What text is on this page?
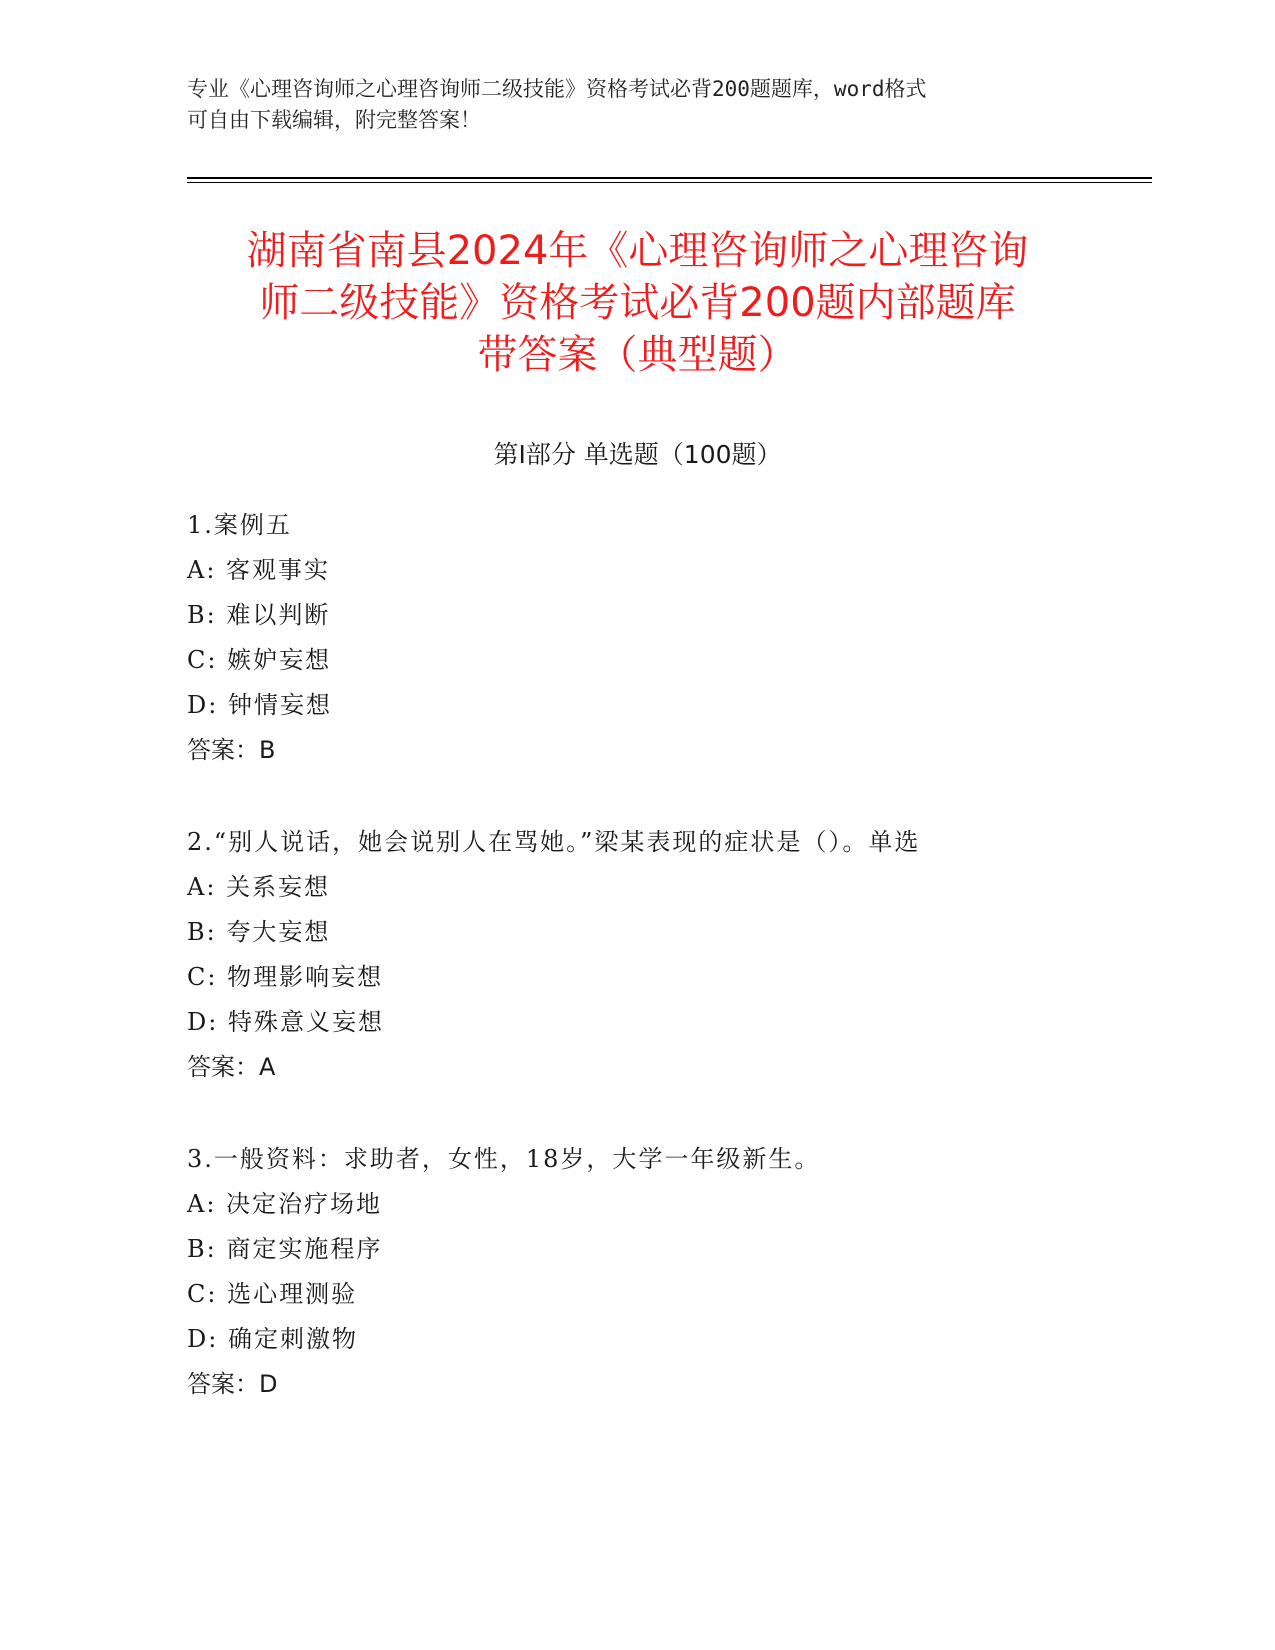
专业《心理咨询师之心理咨询师二级技能》资格考试必背200题题库，word格式

可自由下载编辑，附完整答案！

湖南省南县2024年《心理咨询师之心理咨询
师二级技能》资格考试必背200题内部题库
带答案（典型题）
第I部分 单选题（100题）
1.案例五
A: 客观事实
B: 难以判断
C: 嫉妒妄想
D: 钟情妄想
答案：B
2.“别人说话，她会说别人在骂她。”梁某表现的症状是（）。单选
A: 关系妄想
B: 夸大妄想
C: 物理影响妄想
D: 特殊意义妄想
答案：A
3.一般资料：求助者，女性，18岁，大学一年级新生。
A: 决定治疗场地
B: 商定实施程序
C: 选心理测验
D: 确定刺激物
答案：D
